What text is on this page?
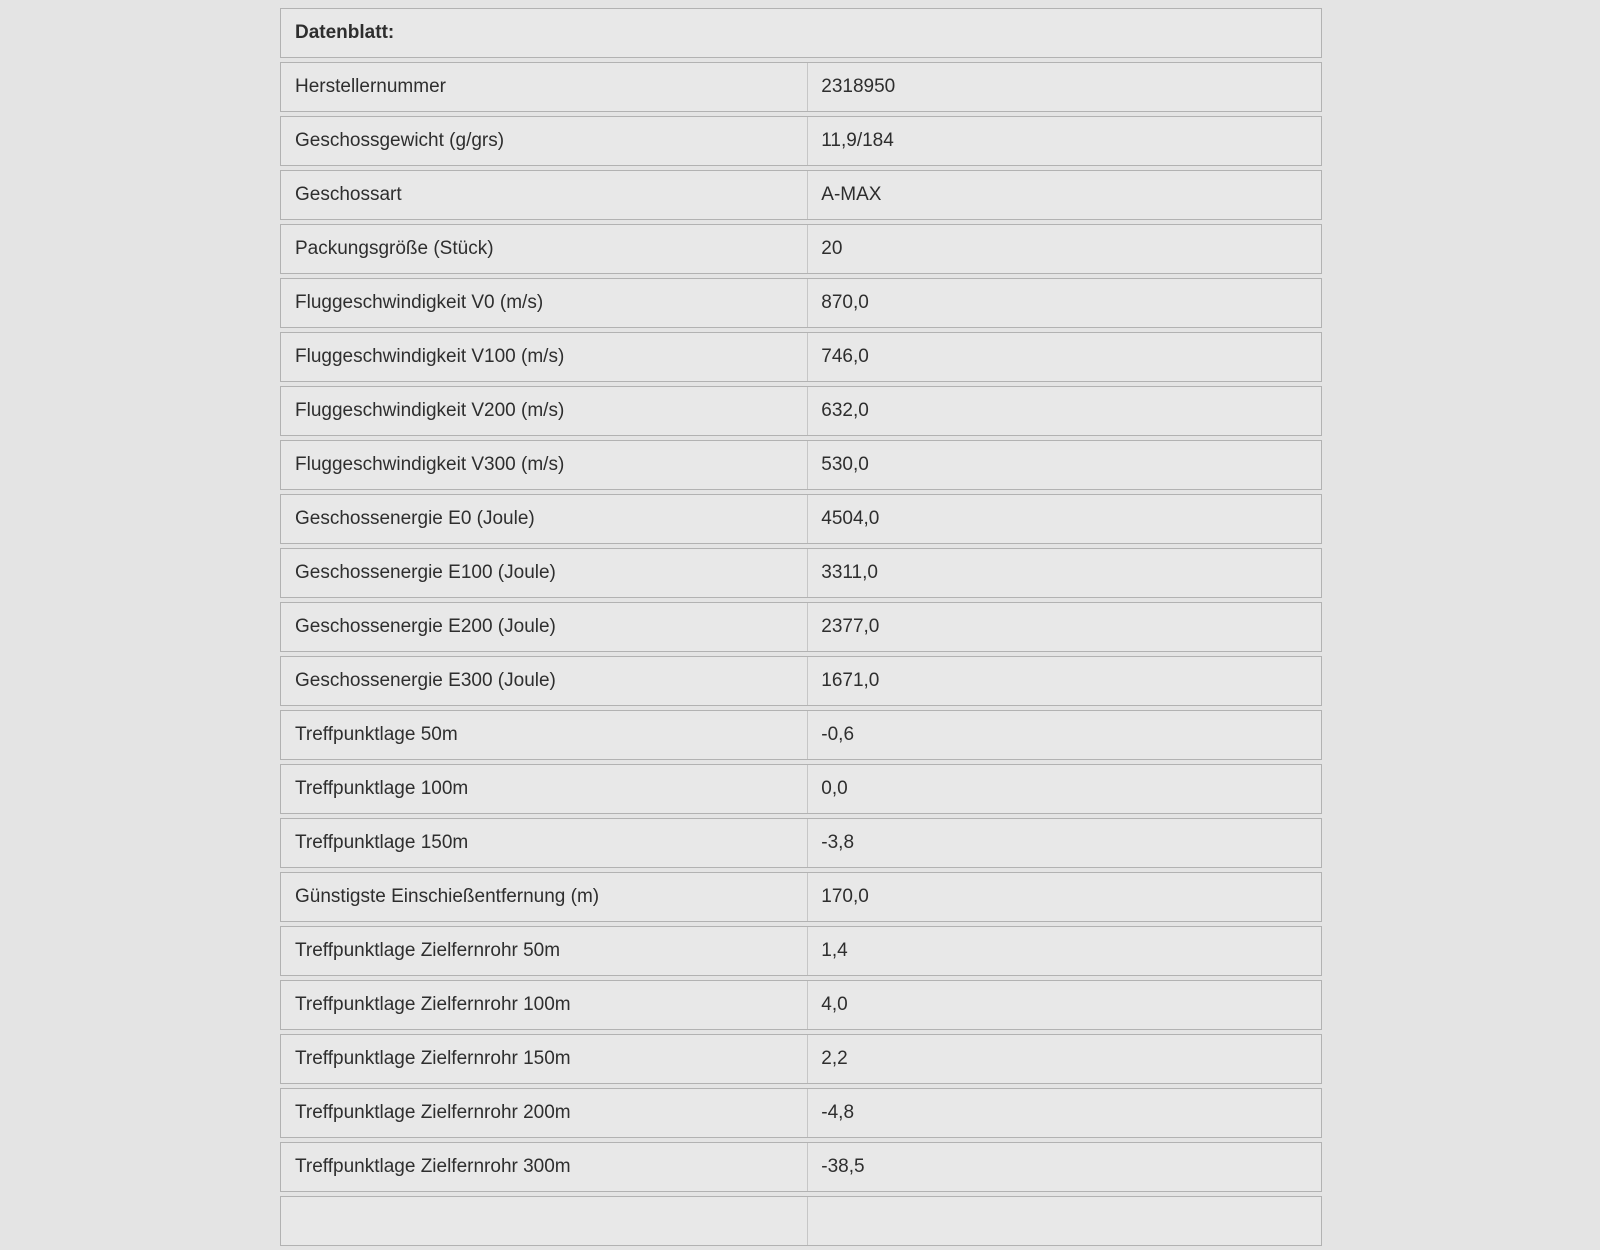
Datenblatt:
Herstellernummer	2318950
Geschossgewicht (g/grs)	11,9/184
Geschossart	A-MAX
Packungsgröße (Stück)	20
Fluggeschwindigkeit V0 (m/s)	870,0
Fluggeschwindigkeit V100 (m/s)	746,0
Fluggeschwindigkeit V200 (m/s)	632,0
Fluggeschwindigkeit V300 (m/s)	530,0
Geschossenergie E0 (Joule)	4504,0
Geschossenergie E100 (Joule)	3311,0
Geschossenergie E200 (Joule)	2377,0
Geschossenergie E300 (Joule)	1671,0
Treffpunktlage 50m	-0,6
Treffpunktlage 100m	0,0
Treffpunktlage 150m	-3,8
Günstigste Einschießentfernung (m)	170,0
Treffpunktlage Zielfernrohr 50m	1,4
Treffpunktlage Zielfernrohr 100m	4,0
Treffpunktlage Zielfernrohr 150m	2,2
Treffpunktlage Zielfernrohr 200m	-4,8
Treffpunktlage Zielfernrohr 300m	-38,5
